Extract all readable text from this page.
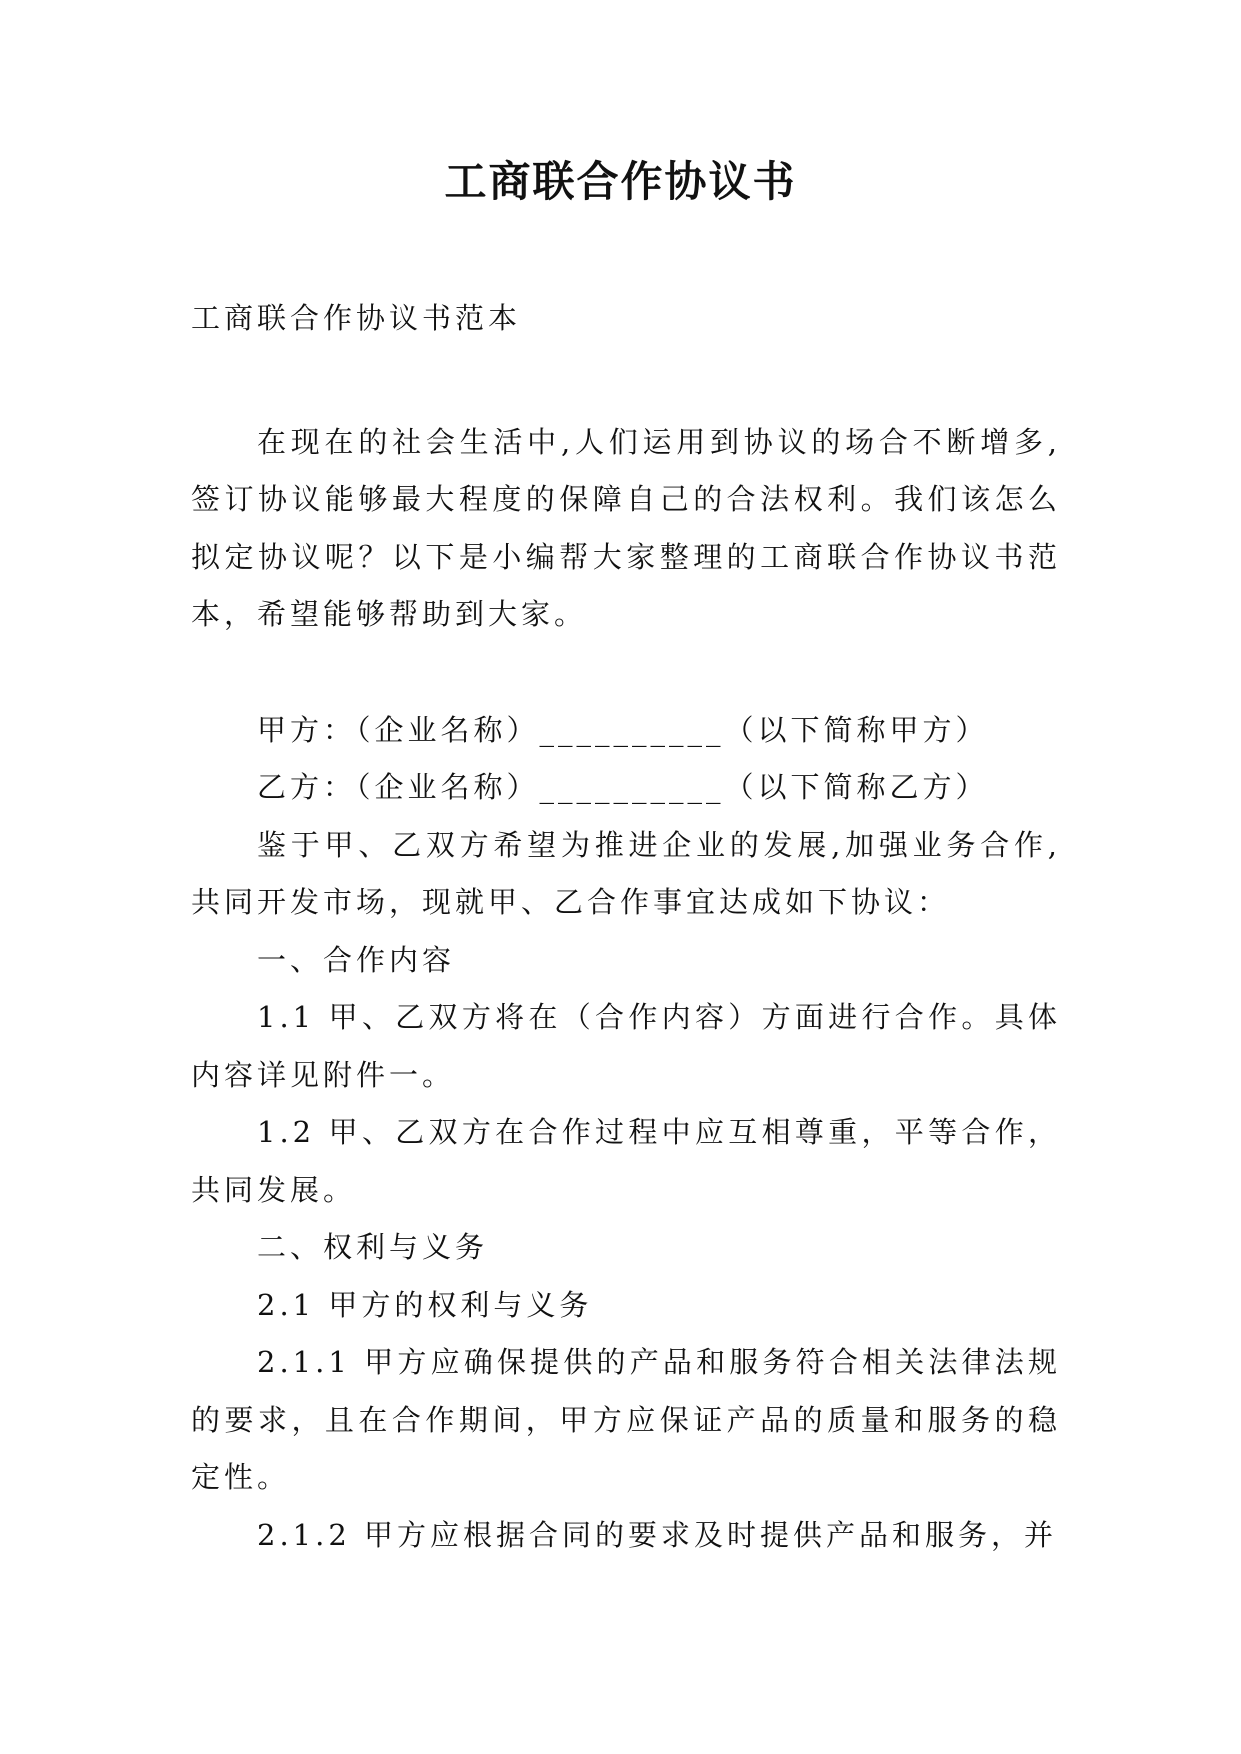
工商联合作协议书

工商联合作协议书范本

在现在的社会生活中,人们运用到协议的场合不断增多,签订协议能够最大程度的保障自己的合法权利。我们该怎么拟定协议呢？以下是小编帮大家整理的工商联合作协议书范本，希望能够帮助到大家。

甲方：（企业名称）__________（以下简称甲方）

乙方：（企业名称）__________（以下简称乙方）

鉴于甲、乙双方希望为推进企业的发展,加强业务合作,共同开发市场，现就甲、乙合作事宜达成如下协议：

一、合作内容

1.1 甲、乙双方将在（合作内容）方面进行合作。具体内容详见附件一。

1.2 甲、乙双方在合作过程中应互相尊重，平等合作，共同发展。

二、权利与义务

2.1 甲方的权利与义务

2.1.1 甲方应确保提供的产品和服务符合相关法律法规的要求，且在合作期间，甲方应保证产品的质量和服务的稳定性。

2.1.2 甲方应根据合同的要求及时提供产品和服务，并
